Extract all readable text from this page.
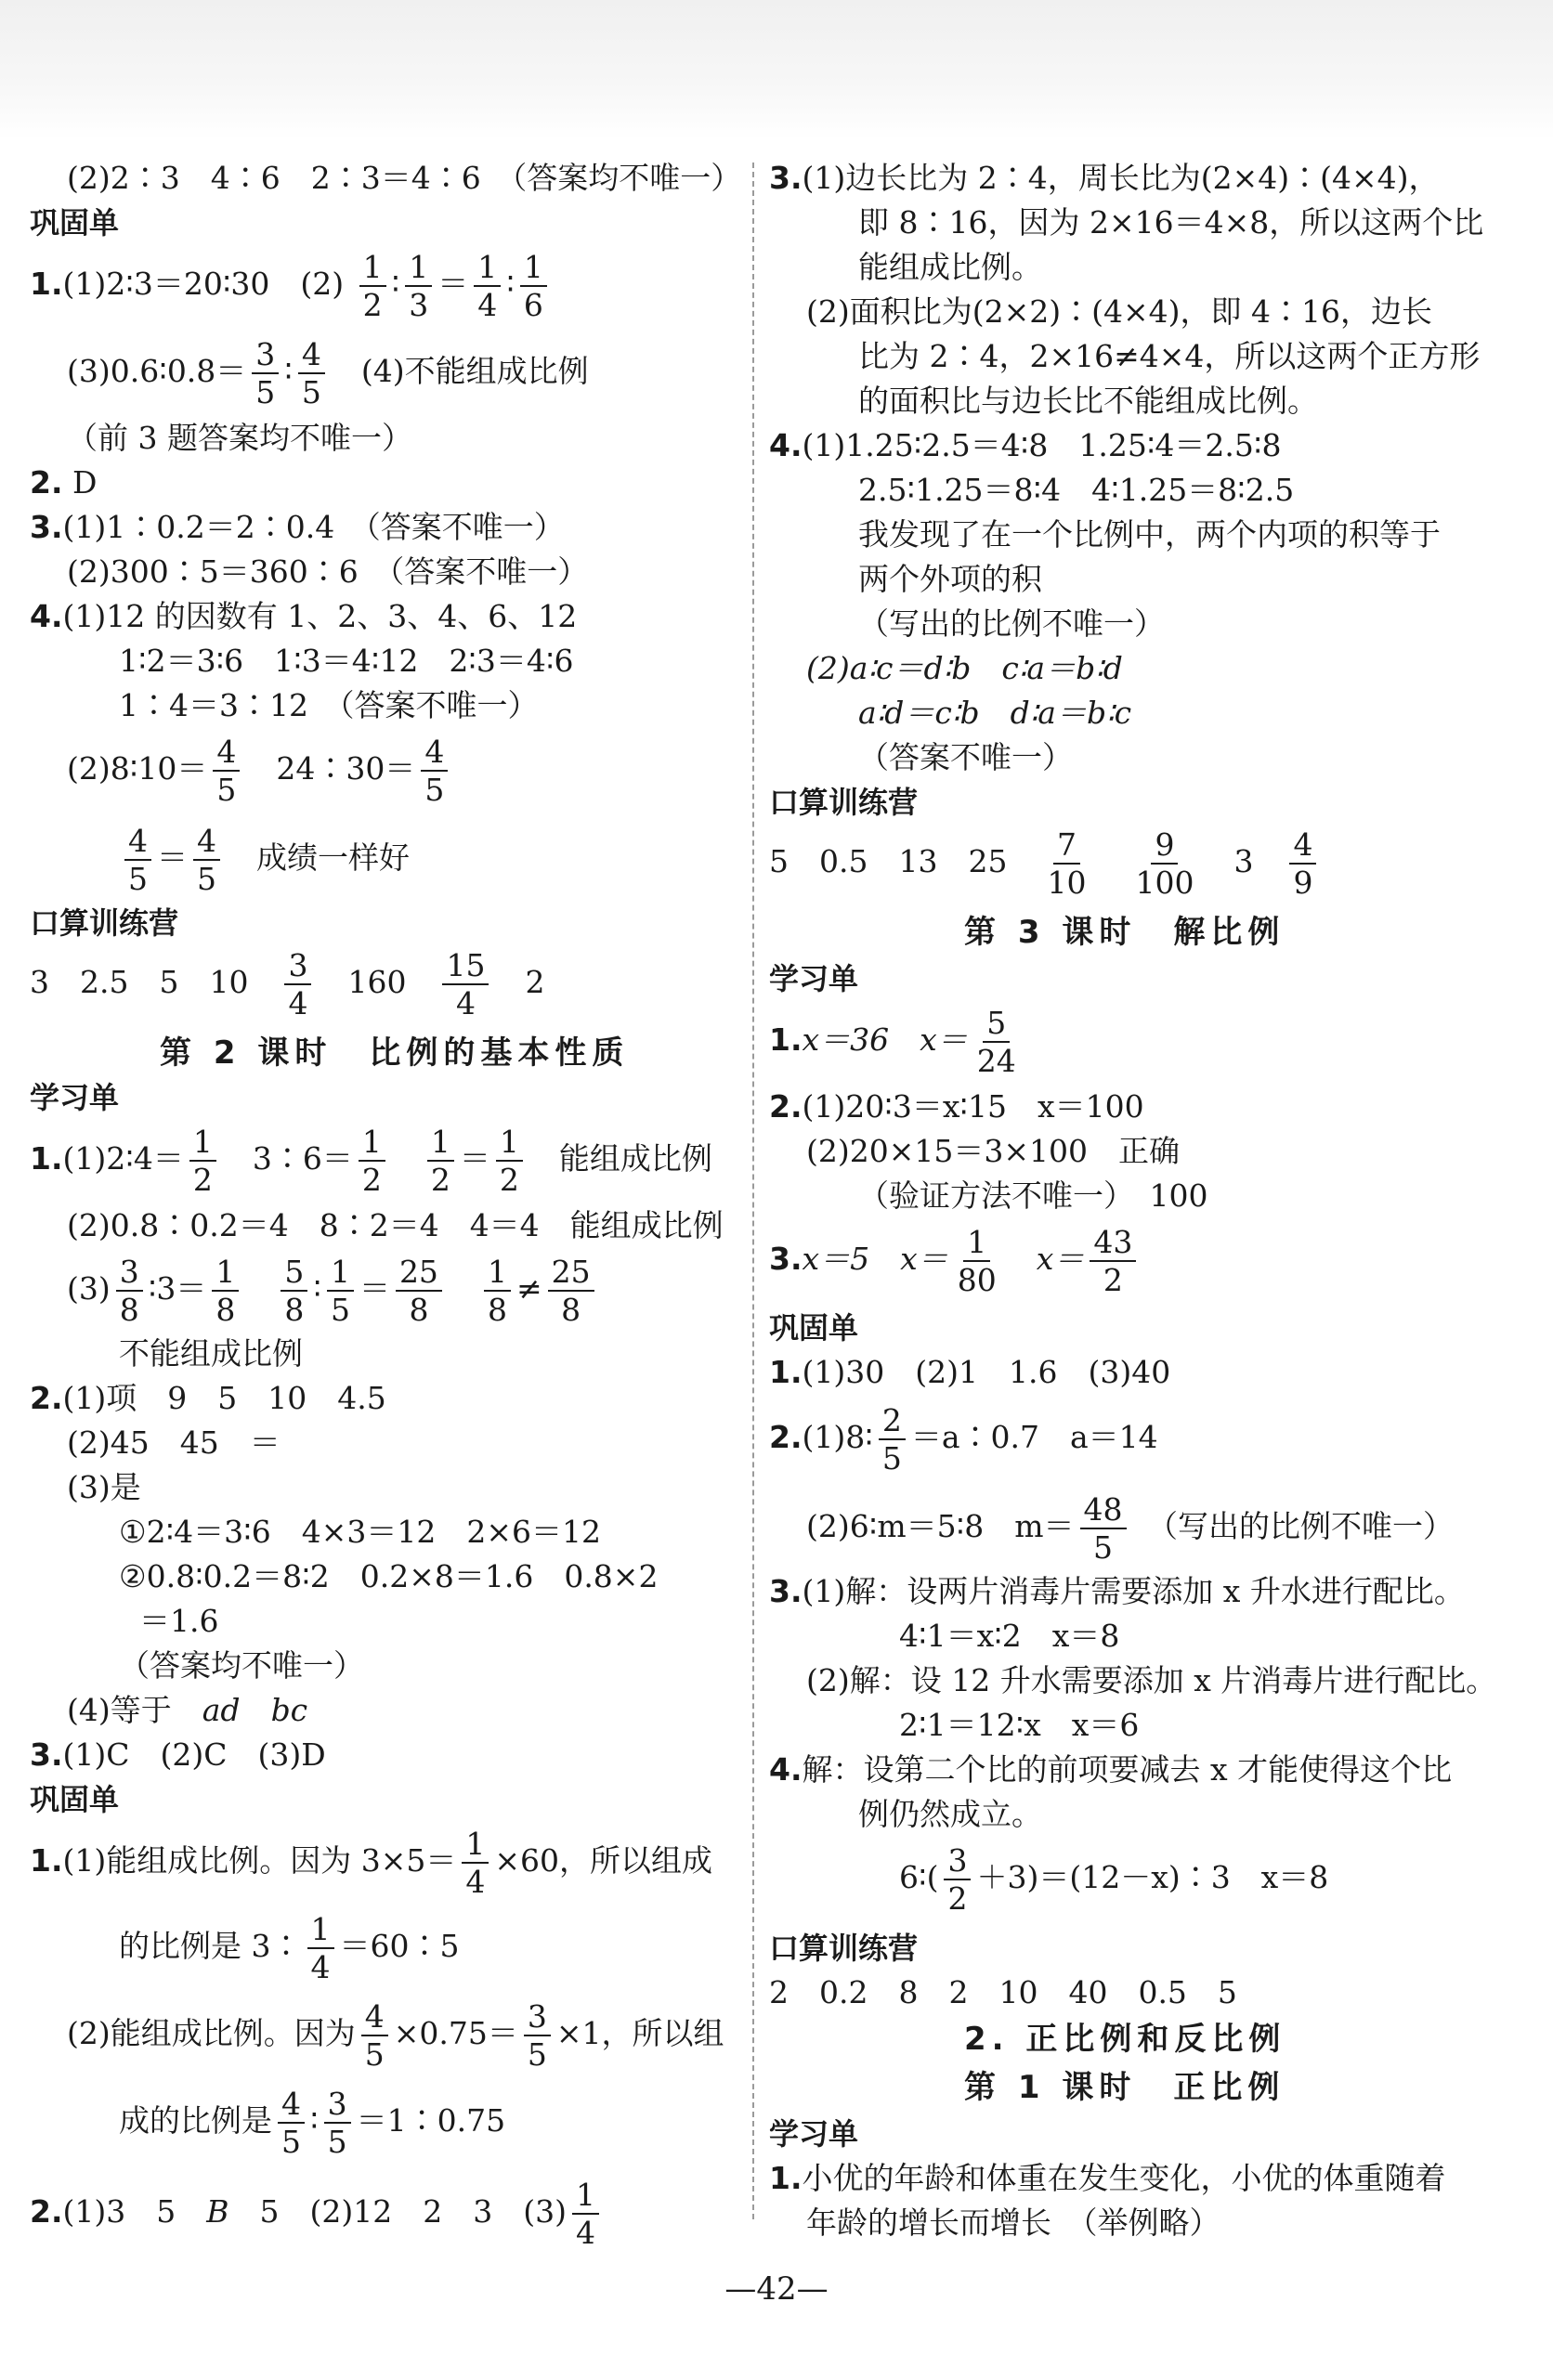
(2)2∶3　4∶6　2∶3＝4∶6　（答案均不唯一）
巩固单
1.(1)2∶3＝20∶30　$(2) \frac{1}{2}$ ∶ $\frac{1}{3} = \frac{1}{4}$ ∶ $\frac{1}{6}$
(3)0.6∶0.8＝ $\frac{3}{5}$ ∶ $\frac{4}{5}$
　 (4)不能组成比例
（前 3 题答案均不唯一）
2. D
3.(1)1∶0.2＝2∶0.4　（答案不唯一）
(2)300∶5＝360∶6　（答案不唯一）
4.(1)12 的因数有 1、2、3、4、6、12
1∶2＝3∶6　1∶3＝4∶12　2∶3＝4∶6
1∶4＝3∶12　（答案不唯一）
(2)8∶10＝ $\frac{4}{5}$
　 24∶30＝ $\frac{4}{5}$
$\frac{4}{5} = \frac{4}{5}$
　 成绩一样好
口算训练营
3　2.5　5　10　 $\frac{3}{4}$
　 160　 $\frac{15}{4}$
　 2
第 2 课时　比例的基本性质
学习单
1.(1)2∶4＝ $\frac{1}{2}$
　 3∶6＝ $\frac{1}{2}$
　 $\frac{1}{2} = \frac{1}{2}$
　 能组成比例
(2)0.8∶0.2＝4　8∶2＝4　4＝4　能组成比例
$(3) \frac{3}{8}$ ∶3＝ $\frac{1}{8}$
　 $\frac{5}{8}$ ∶ $\frac{1}{5} = \frac{25}{8}$
　 $\frac{1}{8} \ne \frac{25}{8}$
不能组成比例
2.(1)项　9　5　10　4.5
(2)45　45　＝
(3)是
①2∶4＝3∶6　4×3＝12　2×6＝12
②0.8∶0.2＝8∶2　0.2×8＝1.6　0.8×2
＝1.6
（答案均不唯一）
(4)等于　 ad　 bc
3.(1)C　(2)C　(3)D
巩固单
1.(1)能组成比例。因为 $3\times 5= \frac{1}{4} \times 60$，所以组成
的比例是 3∶ $\frac{1}{4}$ ＝60∶5
(2)能组成比例。因为 $\frac{4}{5} \times 0.75= \frac{3}{5} \times 1$，所以组
成的比例是 $\frac{4}{5}$ ∶ $\frac{3}{5}$ ＝1∶0.75
2.(1)3　5　 B　 5　(2)12　2　3　$(3) \frac{1}{4}$
3.(1)边长比为 2∶4，周长比为(2×4)∶(4×4)，
即 8∶16，因为 2×16＝4×8，所以这两个比
能组成比例。
(2)面积比为(2×2)∶(4×4)，即 4∶16，边长
比为 2∶4，2×16≠4×4，所以这两个正方形
的面积比与边长比不能组成比例。
4.(1)1.25∶2.5＝4∶8　1.25∶4＝2.5∶8
2.5∶1.25＝8∶4　4∶1.25＝8∶2.5
我发现了在一个比例中，两个内项的积等于
两个外项的积
（写出的比例不唯一）
(2)a∶c＝d∶b　c∶a＝b∶d
a∶d＝c∶b　d∶a＝b∶c
（答案不唯一）
口算训练营
5　0.5　13　25　 $\frac{7}{10}$
　 $\frac{9}{100}$
　 3　 $\frac{4}{9}$
第 3 课时　解比例
学习单
1.x＝36　 $x= \frac{5}{24}$
2.(1)20∶3＝x∶15　x＝100
(2)20×15＝3×100　正确
（验证方法不唯一）　100
3.x＝5　 $x= \frac{1}{80}$
　 $x= \frac{43}{2}$
巩固单
1.(1)30　(2)1　1.6　(3)40
2.(1)8∶ $\frac{2}{5}$ ＝a∶0.7　a＝14
(2)6∶m＝5∶8　$m= \frac{48}{5}$
　 （写出的比例不唯一）
3.(1)解：设两片消毒片需要添加 x 升水进行配比。
4∶1＝x∶2　x＝8
(2)解：设 12 升水需要添加 x 片消毒片进行配比。
2∶1＝12∶x　x＝6
4.解：设第二个比的前项要减去 x 才能使得这个比
例仍然成立。
6∶( $\frac{3}{2}$ ＋3)＝(12－x)∶3　x＝8
口算训练营
2　0.2　8　2　10　40　0.5　5
2. 正比例和反比例
第 1 课时　正比例
学习单
1.小优的年龄和体重在发生变化，小优的体重随着
年龄的增长而增长　（举例略）
—42—
